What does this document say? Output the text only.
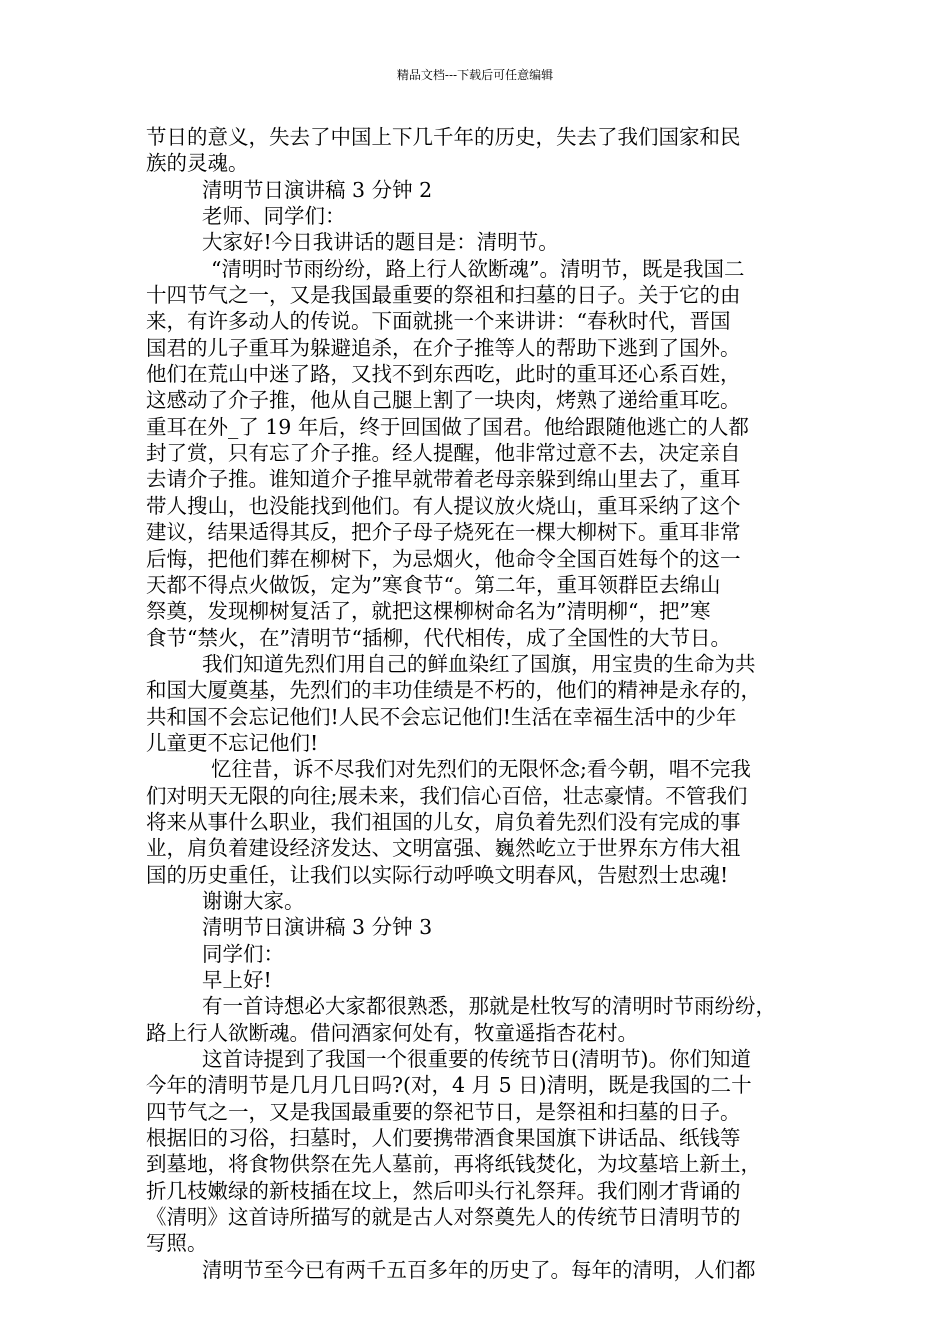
精品文档---下载后可任意编辑
节日的意义，失去了中国上下几千年的历史，失去了我们国家和民
族的灵魂。
清明节日演讲稿 3 分钟 2
老师、同学们：
大家好!今日我讲话的题目是：清明节。
“清明时节雨纷纷，路上行人欲断魂”。清明节，既是我国二
十四节气之一，又是我国最重要的祭祖和扫墓的日子。关于它的由
来，有许多动人的传说。下面就挑一个来讲讲：“春秋时代，晋国
国君的儿子重耳为躲避追杀，在介子推等人的帮助下逃到了国外。
他们在荒山中迷了路，又找不到东西吃，此时的重耳还心系百姓，
这感动了介子推，他从自己腿上割了一块肉，烤熟了递给重耳吃。
重耳在外_了 19 年后，终于回国做了国君。他给跟随他逃亡的人都
封了赏，只有忘了介子推。经人提醒，他非常过意不去，决定亲自
去请介子推。谁知道介子推早就带着老母亲躲到绵山里去了，重耳
带人搜山，也没能找到他们。有人提议放火烧山，重耳采纳了这个
建议，结果适得其反，把介子母子烧死在一棵大柳树下。重耳非常
后悔，把他们葬在柳树下，为忌烟火，他命令全国百姓每个的这一
天都不得点火做饭，定为”寒食节“。第二年，重耳领群臣去绵山
祭奠，发现柳树复活了，就把这棵柳树命名为”清明柳“，把”寒
食节“禁火，在”清明节“插柳，代代相传，成了全国性的大节日。
我们知道先烈们用自己的鲜血染红了国旗，用宝贵的生命为共
和国大厦奠基，先烈们的丰功佳绩是不朽的，他们的精神是永存的，
共和国不会忘记他们!人民不会忘记他们!生活在幸福生活中的少年
儿童更不忘记他们!
忆往昔，诉不尽我们对先烈们的无限怀念;看今朝，唱不完我
们对明天无限的向往;展未来，我们信心百倍，壮志豪情。不管我们
将来从事什么职业，我们祖国的儿女，肩负着先烈们没有完成的事
业，肩负着建设经济发达、文明富强、巍然屹立于世界东方伟大祖
国的历史重任，让我们以实际行动呼唤文明春风，告慰烈士忠魂!
谢谢大家。
清明节日演讲稿 3 分钟 3
同学们：
早上好!
有一首诗想必大家都很熟悉，那就是杜牧写的清明时节雨纷纷，
路上行人欲断魂。借问酒家何处有，牧童遥指杏花村。
这首诗提到了我国一个很重要的传统节日(清明节)。你们知道
今年的清明节是几月几日吗?(对，4 月 5 日)清明，既是我国的二十
四节气之一，又是我国最重要的祭祀节日，是祭祖和扫墓的日子。
根据旧的习俗，扫墓时，人们要携带酒食果国旗下讲话品、纸钱等
到墓地，将食物供祭在先人墓前，再将纸钱焚化，为坟墓培上新土，
折几枝嫩绿的新枝插在坟上，然后叩头行礼祭拜。我们刚才背诵的
《清明》这首诗所描写的就是古人对祭奠先人的传统节日清明节的
写照。
清明节至今已有两千五百多年的历史了。每年的清明，人们都
